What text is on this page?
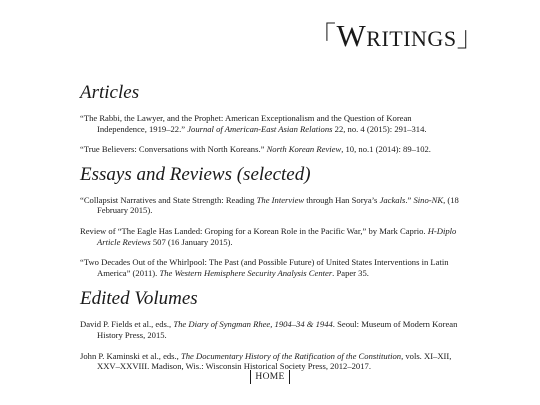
「WRITINGS」
Articles

“The Rabbi, the Lawyer, and the Prophet: American Exceptionalism and the Question of Korean Independence, 1919–22.” Journal of American-East Asian Relations 22, no. 4 (2015): 291–314.

“True Believers: Conversations with North Koreans.” North Korean Review, 10, no.1 (2014): 89–102.

Essays and Reviews (selected)

“Collapsist Narratives and State Strength: Reading The Interview through Han Sorya’s Jackals.” Sino-NK, (18 February 2015).

Review of “The Eagle Has Landed: Groping for a Korean Role in the Pacific War,” by Mark Caprio. H-Diplo Article Reviews 507 (16 January 2015).

“Two Decades Out of the Whirlpool: The Past (and Possible Future) of United States Interventions in Latin America” (2011). The Western Hemisphere Security Analysis Center. Paper 35.

Edited Volumes

David P. Fields et al., eds., The Diary of Syngman Rhee, 1904–34 & 1944. Seoul: Museum of Modern Korean History Press, 2015.

John P. Kaminski et al., eds., The Documentary History of the Ratification of the Constitution, vols. XI–XII, XXV–XXVIII. Madison, Wis.: Wisconsin Historical Society Press, 2012–2017.

HOME
